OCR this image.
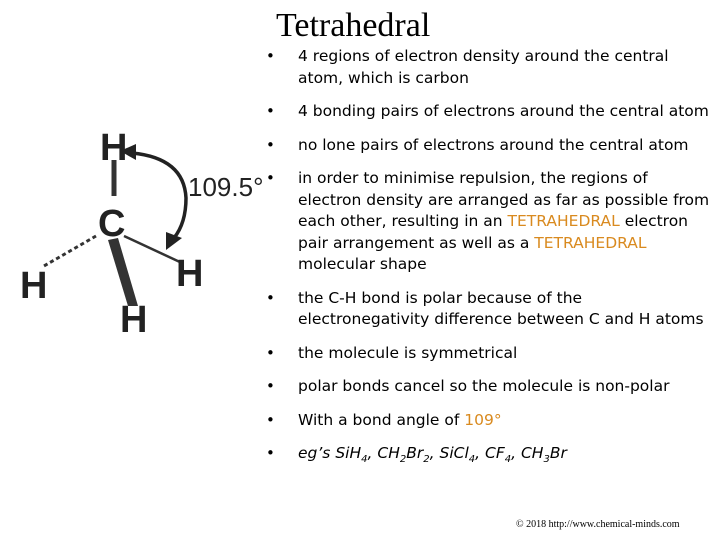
Tetrahedral
H
C
H	H
H
109.5°
• 4 regions of electron density around the central atom, which is carbon
• 4 bonding pairs of electrons around the central atom
• no lone pairs of electrons around the central atom
• in order to minimise repulsion, the regions of electron density are arranged as far as possible from each other, resulting in an TETRAHEDRAL electron pair arrangement as well as a TETRAHEDRAL molecular shape
• the C-H bond is polar because of the electronegativity difference between C and H atoms
• the molecule is symmetrical
• polar bonds cancel so the molecule is non-polar
• With a bond angle of 109°
• eg’s SiH$_4$, $CH_2Br_2$, SiCl$_4$, $CF_4$, $CH_3Br$
© 2018 http://www.chemical-minds.com
